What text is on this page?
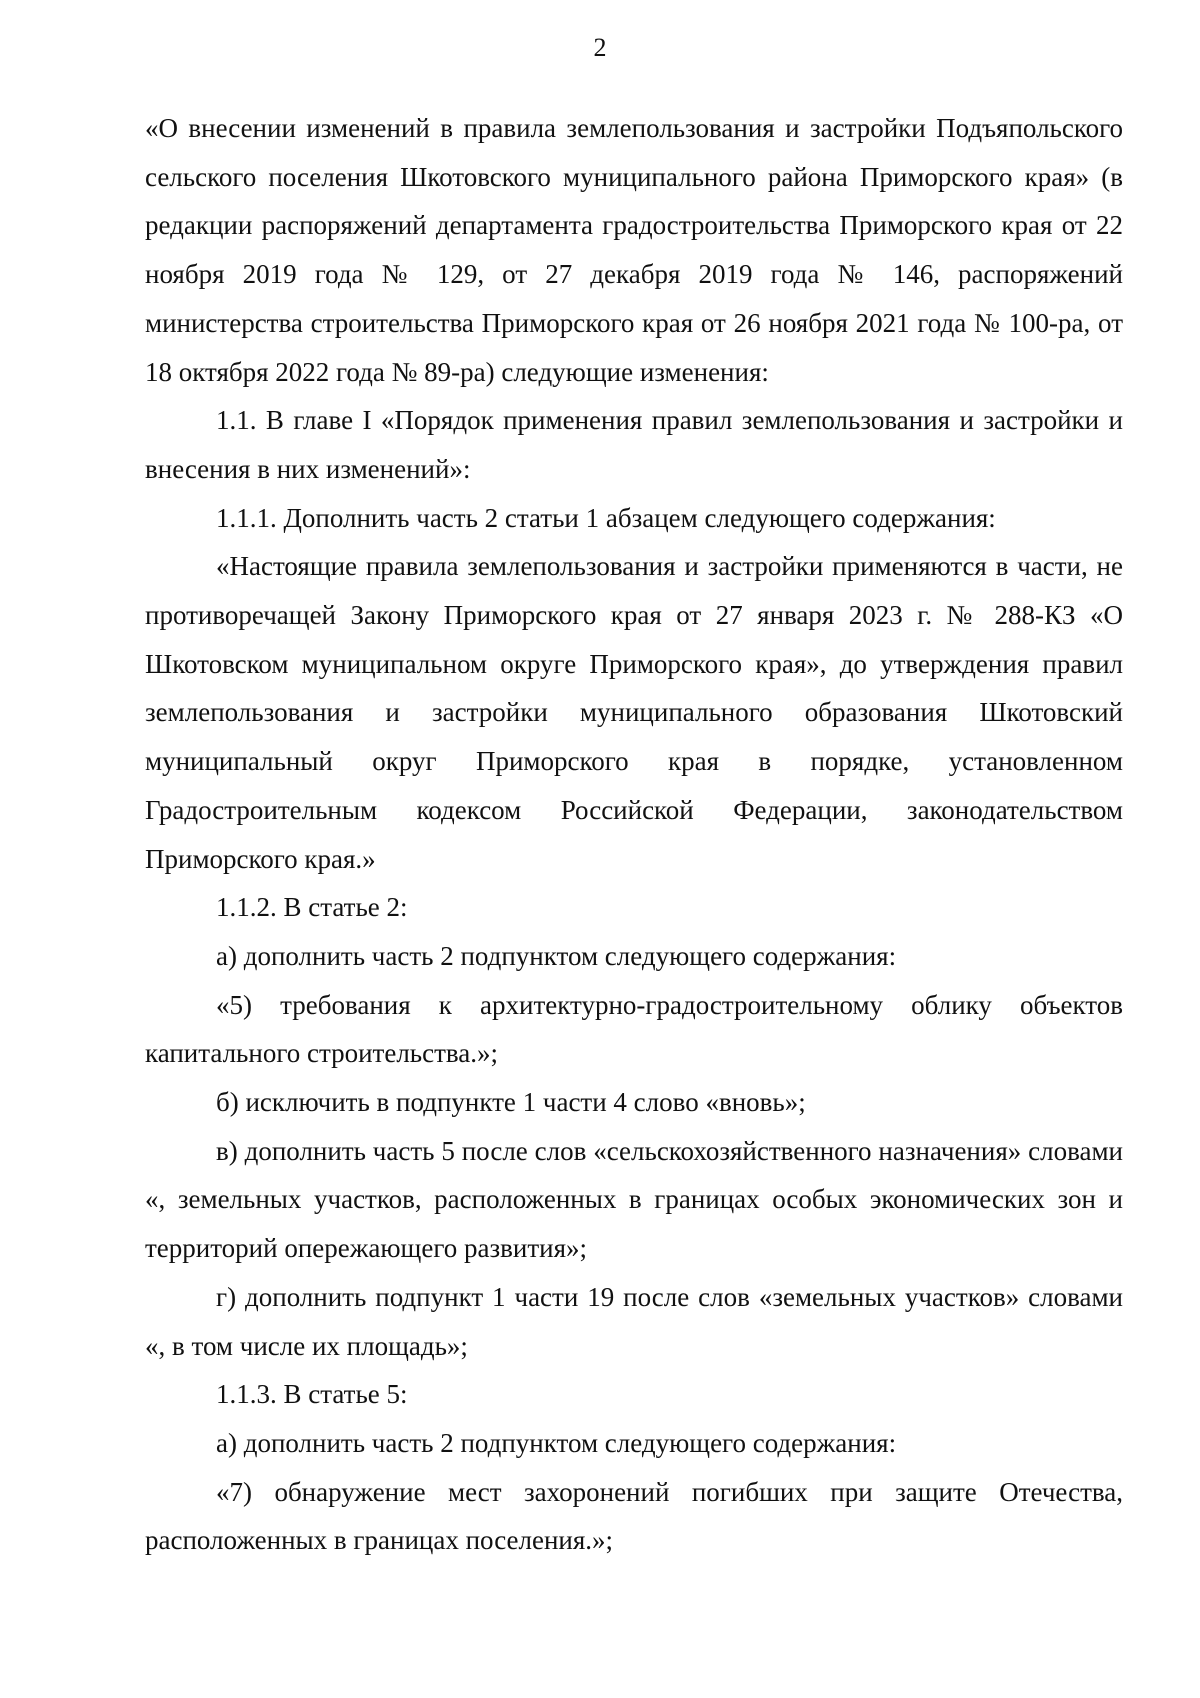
2

«О внесении изменений в правила землепользования и застройки Подъяпольского сельского поселения Шкотовского муниципального района Приморского края» (в редакции распоряжений департамента градостроительства Приморского края от 22 ноября 2019 года № 129, от 27 декабря 2019 года № 146, распоряжений министерства строительства Приморского края от 26 ноября 2021 года № 100-ра, от 18 октября 2022 года № 89-ра) следующие изменения:

1.1. В главе I «Порядок применения правил землепользования и застройки и внесения в них изменений»:

1.1.1. Дополнить часть 2 статьи 1 абзацем следующего содержания:

«Настоящие правила землепользования и застройки применяются в части, не противоречащей Закону Приморского края от 27 января 2023 г. № 288-КЗ «О Шкотовском муниципальном округе Приморского края», до утверждения правил землепользования и застройки муниципального образования Шкотовский муниципальный округ Приморского края в порядке, установленном Градостроительным кодексом Российской Федерации, законодательством Приморского края.»

1.1.2. В статье 2:

а) дополнить часть 2 подпунктом следующего содержания:

«5) требования к архитектурно-градостроительному облику объектов капитального строительства.»;

б) исключить в подпункте 1 части 4 слово «вновь»;

в) дополнить часть 5 после слов «сельскохозяйственного назначения» словами «, земельных участков, расположенных в границах особых экономических зон и территорий опережающего развития»;

г) дополнить подпункт 1 части 19 после слов «земельных участков» словами «, в том числе их площадь»;

1.1.3. В статье 5:

а) дополнить часть 2 подпунктом следующего содержания:

«7) обнаружение мест захоронений погибших при защите Отечества, расположенных в границах поселения.»;
